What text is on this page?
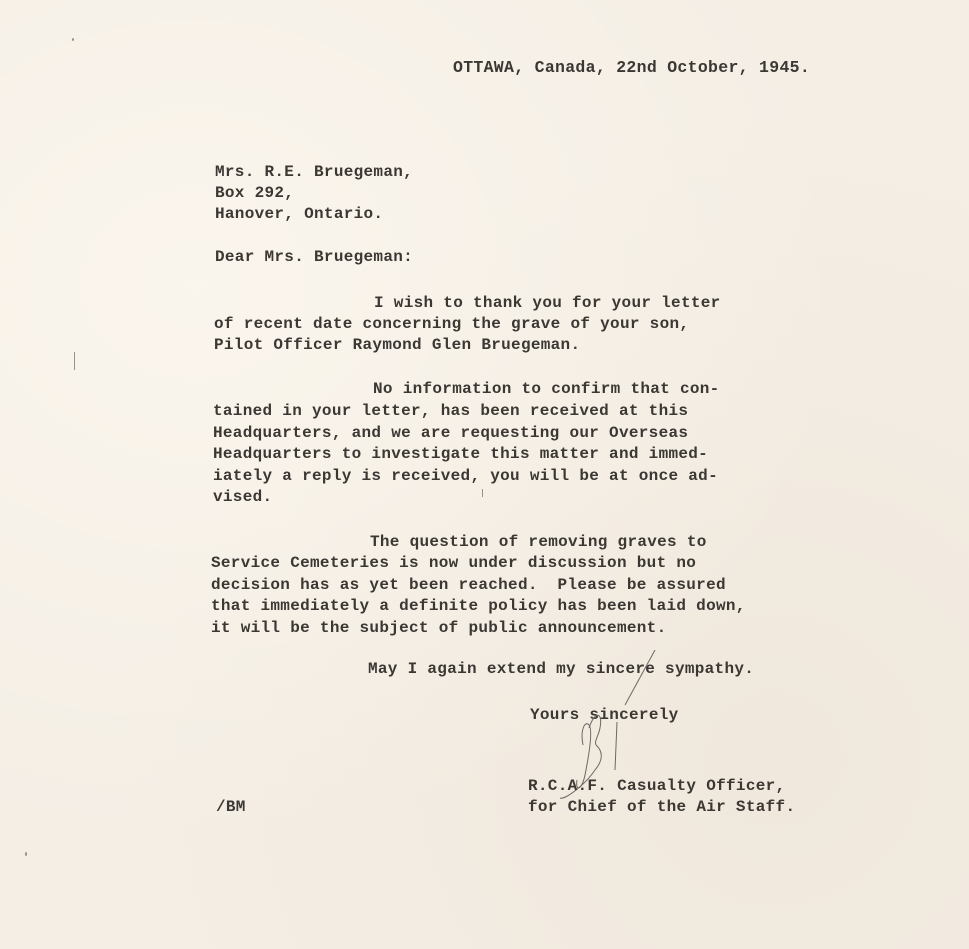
OTTAWA, Canada, 22nd October, 1945.
Mrs. R.E. Bruegeman,
Box 292,
Hanover, Ontario.
Dear Mrs. Bruegeman:
I wish to thank you for your letter
of recent date concerning the grave of your son,
Pilot Officer Raymond Glen Bruegeman.
No information to confirm that con-
tained in your letter, has been received at this
Headquarters, and we are requesting our Overseas
Headquarters to investigate this matter and immed-
iately a reply is received, you will be at once ad-
vised.
The question of removing graves to
Service Cemeteries is now under discussion but no
decision has as yet been reached.  Please be assured
that immediately a definite policy has been laid down,
it will be the subject of public announcement.
May I again extend my sincere sympathy.
Yours sincerely
R.C.A.F. Casualty Officer,
for Chief of the Air Staff.
/BM
